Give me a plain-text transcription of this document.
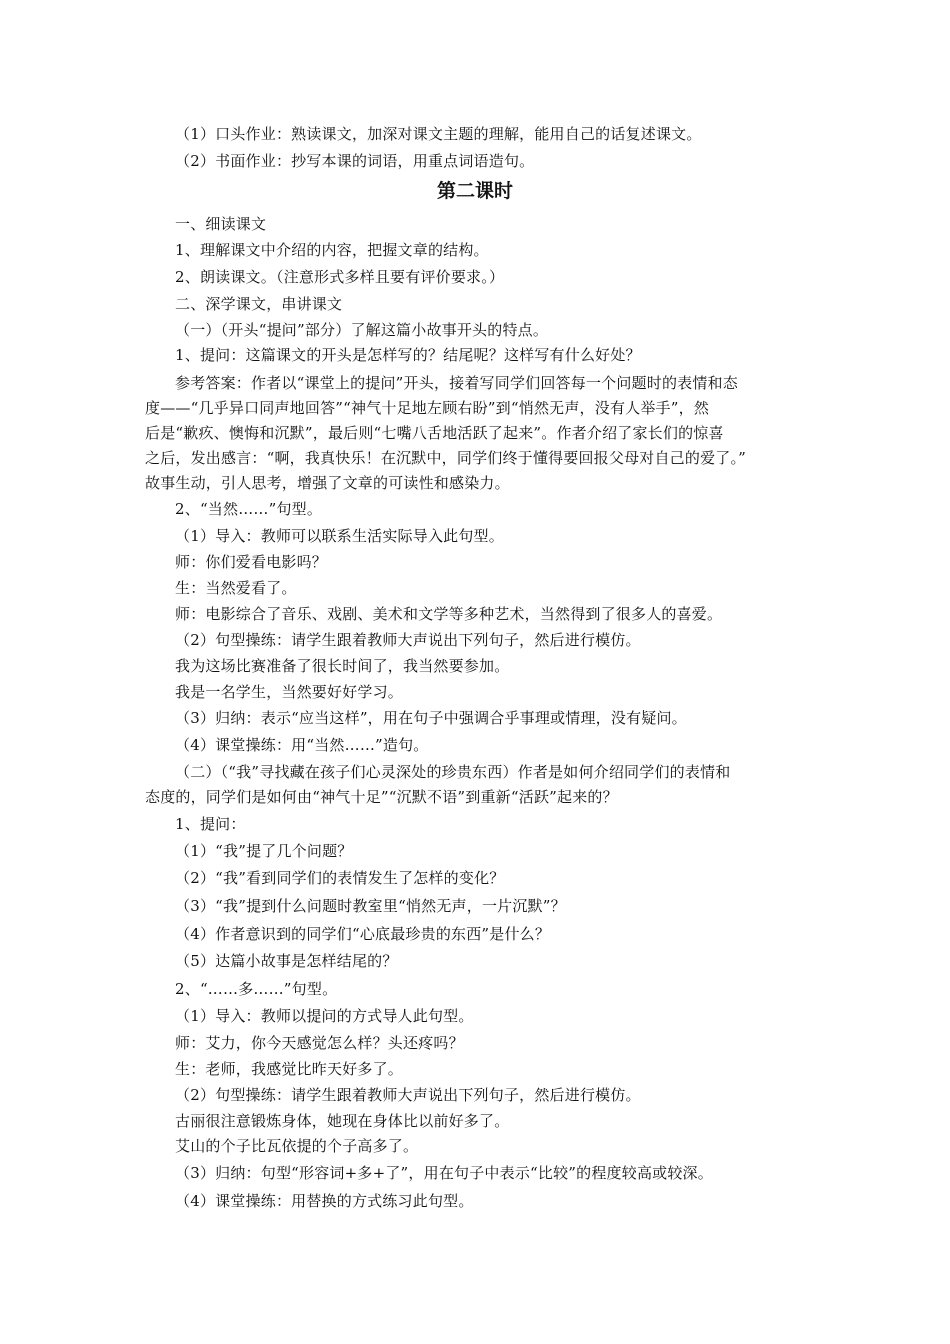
（1）口头作业：熟读课文，加深对课文主题的理解，能用自己的话复述课文。
（2）书面作业：抄写本课的词语，用重点词语造句。
第二课时
一、细读课文
1、理解课文中介绍的内容，把握文章的结构。
2、朗读课文。（注意形式多样且要有评价要求。）
二、深学课文，串讲课文
（一）（开头“提问”部分）了解这篇小故事开头的特点。
1、提问：这篇课文的开头是怎样写的？结尾呢？这样写有什么好处？
参考答案：作者以“课堂上的提问”开头，接着写同学们回答每一个问题时的表情和态
度——“几乎异口同声地回答”“神气十足地左顾右盼”到“悄然无声，没有人举手”，然
后是“歉疚、懊悔和沉默”，最后则“七嘴八舌地活跃了起来”。作者介绍了家长们的惊喜
之后，发出感言：“啊，我真快乐！在沉默中，同学们终于懂得要回报父母对自己的爱了。”
故事生动，引人思考，增强了文章的可读性和感染力。
2、“当然……”句型。
（1）导入：教师可以联系生活实际导入此句型。
师：你们爱看电影吗？
生：当然爱看了。
师：电影综合了音乐、戏剧、美术和文学等多种艺术，当然得到了很多人的喜爱。
（2）句型操练：请学生跟着教师大声说出下列句子，然后进行模仿。
我为这场比赛准备了很长时间了，我当然要参加。
我是一名学生，当然要好好学习。
（3）归纳：表示“应当这样”，用在句子中强调合乎事理或情理，没有疑问。
（4）课堂操练：用“当然……”造句。
（二）（“我”寻找藏在孩子们心灵深处的珍贵东西）作者是如何介绍同学们的表情和
态度的，同学们是如何由“神气十足”“沉默不语”到重新“活跃”起来的？
1、提问：
（1）“我”提了几个问题？
（2）“我”看到同学们的表情发生了怎样的变化？
（3）“我”提到什么问题时教室里“悄然无声，一片沉默”？
（4）作者意识到的同学们“心底最珍贵的东西”是什么？
（5）达篇小故事是怎样结尾的？
2、“……多……”句型。
（1）导入：教师以提问的方式导人此句型。
师：艾力，你今天感觉怎么样？头还疼吗？
生：老师，我感觉比昨天好多了。
（2）句型操练：请学生跟着教师大声说出下列句子，然后进行模仿。
古丽很注意锻炼身体，她现在身体比以前好多了。
艾山的个子比瓦依提的个子高多了。
（3）归纳：句型“形容词+多+了”，用在句子中表示“比较”的程度较高或较深。
（4）课堂操练：用替换的方式练习此句型。
